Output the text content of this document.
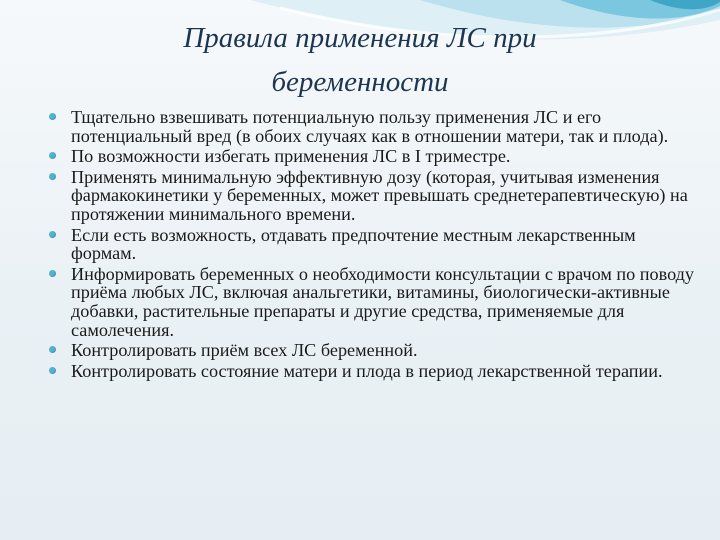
Правила применения ЛС при
беременности
Тщательно взвешивать потенциальную пользу применения ЛС и его потенциальный вред (в обоих случаях как в отношении матери, так и плода).
По возможности избегать применения ЛС в I триместре.
Применять минимальную эффективную дозу (которая, учитывая изменения фармакокинетики у беременных, может превышать среднетерапевтическую) на протяжении минимального времени.
Если есть возможность, отдавать предпочтение местным лекарственным формам.
Информировать беременных о необходимости консультации с врачом по поводу приёма любых ЛС, включая анальгетики, витамины, биологически-активные добавки, растительные препараты и другие средства, применяемые для самолечения.
Контролировать приём всех ЛС беременной.
Контролировать состояние матери и плода в период лекарственной терапии.
